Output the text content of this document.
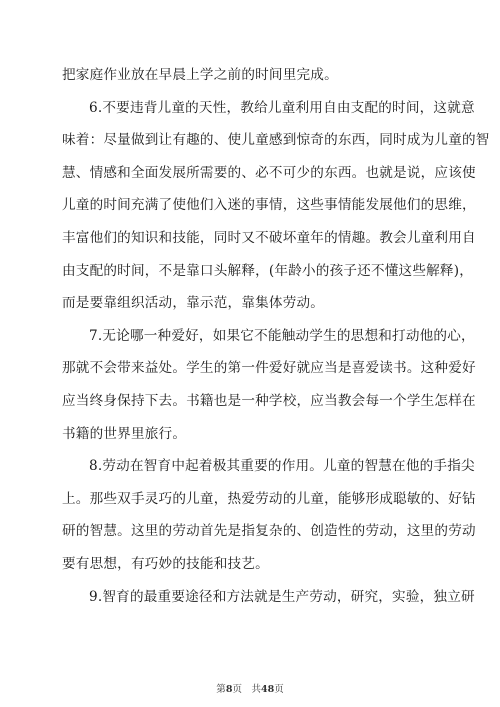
把家庭作业放在早晨上学之前的时间里完成。
6.不要违背儿童的天性，教给儿童利用自由支配的时间，这就意
味着：尽量做到让有趣的、使儿童感到惊奇的东西，同时成为儿童的智
慧、情感和全面发展所需要的、必不可少的东西。也就是说，应该使
儿童的时间充满了使他们入迷的事情，这些事情能发展他们的思维，
丰富他们的知识和技能，同时又不破坏童年的情趣。教会儿童利用自
由支配的时间，不是靠口头解释，(年龄小的孩子还不懂这些解释)，
而是要靠组织活动，靠示范，靠集体劳动。
7.无论哪一种爱好，如果它不能触动学生的思想和打动他的心，
那就不会带来益处。学生的第一件爱好就应当是喜爱读书。这种爱好
应当终身保持下去。书籍也是一种学校，应当教会每一个学生怎样在
书籍的世界里旅行。
8.劳动在智育中起着极其重要的作用。儿童的智慧在他的手指尖
上。那些双手灵巧的儿童，热爱劳动的儿童，能够形成聪敏的、好钻
研的智慧。这里的劳动首先是指复杂的、创造性的劳动，这里的劳动
要有思想，有巧妙的技能和技艺。
9.智育的最重要途径和方法就是生产劳动，研究，实验，独立研
第8页　共48页
